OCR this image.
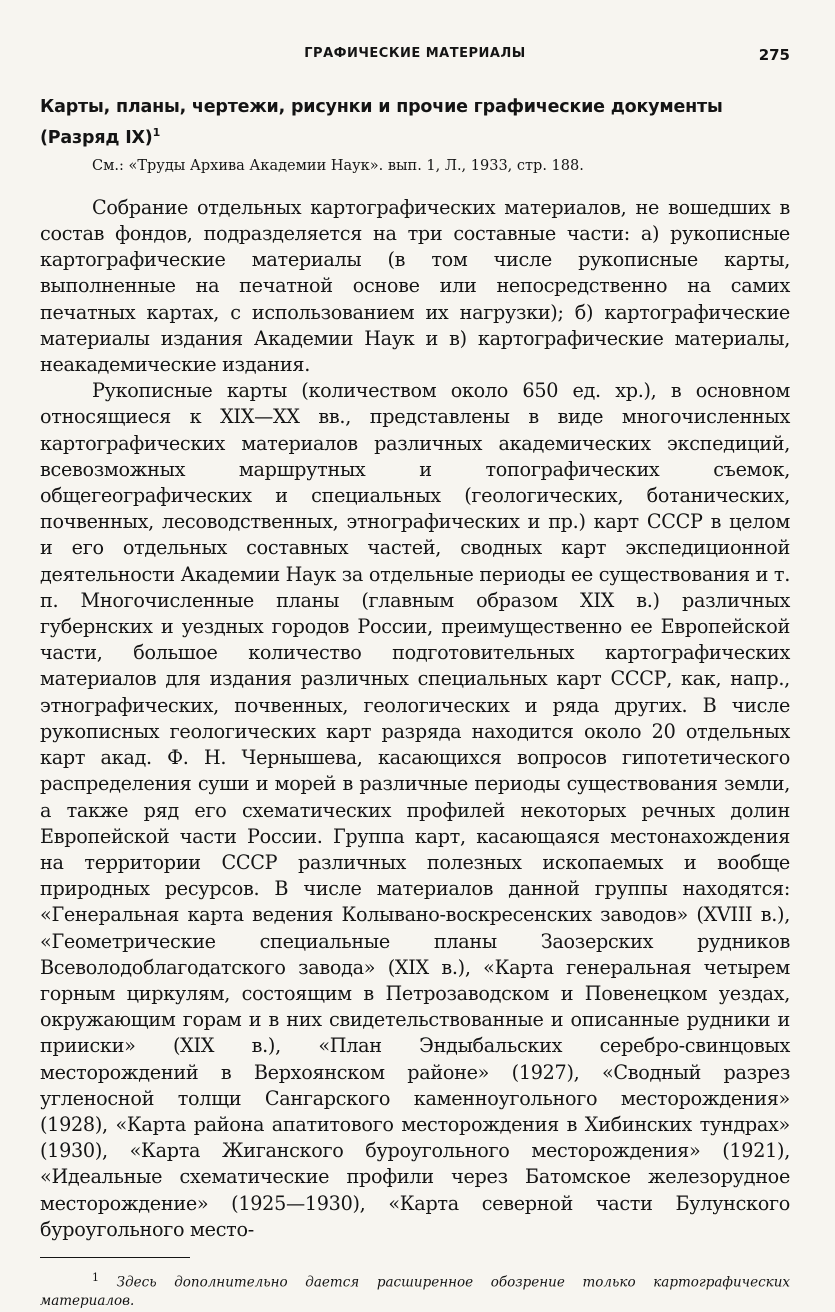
ГРАФИЧЕСКИЕ МАТЕРИАЛЫ	275
Карты, планы, чертежи, рисунки и прочие графические документы (Разряд IX)$^1$
См.: «Труды Архива Академии Наук». вып. 1, Л., 1933, стр. 188.

Собрание отдельных картографических материалов, не вошедших в состав фондов, подразделяется на три составные части: а) рукописные картографические материалы (в том числе рукописные карты, выполненные на печатной основе или непосредственно на самих печатных картах, с использованием их нагрузки); б) картографические материалы издания Академии Наук и в) картографические материалы, неакадемические издания.

Рукописные карты (количеством около 650 ед. хр.), в основном относящиеся к XIX—XX вв., представлены в виде многочисленных картографических материалов различных академических экспедиций, всевозможных маршрутных и топографических съемок, общегеографических и специальных (геологических, ботанических, почвенных, лесоводственных, этнографических и пр.) карт СССР в целом и его отдельных составных частей, сводных карт экспедиционной деятельности Академии Наук за отдельные периоды ее существования и т. п. Многочисленные планы (главным образом XIX в.) различных губернских и уездных городов России, преимущественно ее Европейской части, большое количество подготовительных картографических материалов для издания различных специальных карт СССР, как, напр., этнографических, почвенных, геологических и ряда других. В числе рукописных геологических карт разряда находится около 20 отдельных карт акад. Ф. Н. Чернышева, касающихся вопросов гипотетического распределения суши и морей в различные периоды существования земли, а также ряд его схематических профилей некоторых речных долин Европейской части России. Группа карт, касающаяся местонахождения на территории СССР различных полезных ископаемых и вообще природных ресурсов. В числе материалов данной группы находятся: «Генеральная карта ведения Колывано-воскресенских заводов» (XVIII в.), «Геометрические специальные планы Заозерских рудников Всеволодоблагодатского завода» (XIX в.), «Карта генеральная четырем горным циркулям, состоящим в Петрозаводском и Повенецком уездах, окружающим горам и в них свидетельствованные и описанные рудники и прииски» (XIX в.), «План Эндыбальских серебро-свинцовых месторождений в Верхоянском районе» (1927), «Сводный разрез угленосной толщи Сангарского каменноугольного месторождения» (1928), «Карта района апатитового месторождения в Хибинских тундрах» (1930), «Карта Жиганского буроугольного месторождения» (1921), «Идеальные схематические профили через Батомское железорудное месторождение» (1925—1930), «Карта северной части Булунского буроугольного место-

$^1$ Здесь дополнительно дается расширенное обозрение только картографических материалов.
